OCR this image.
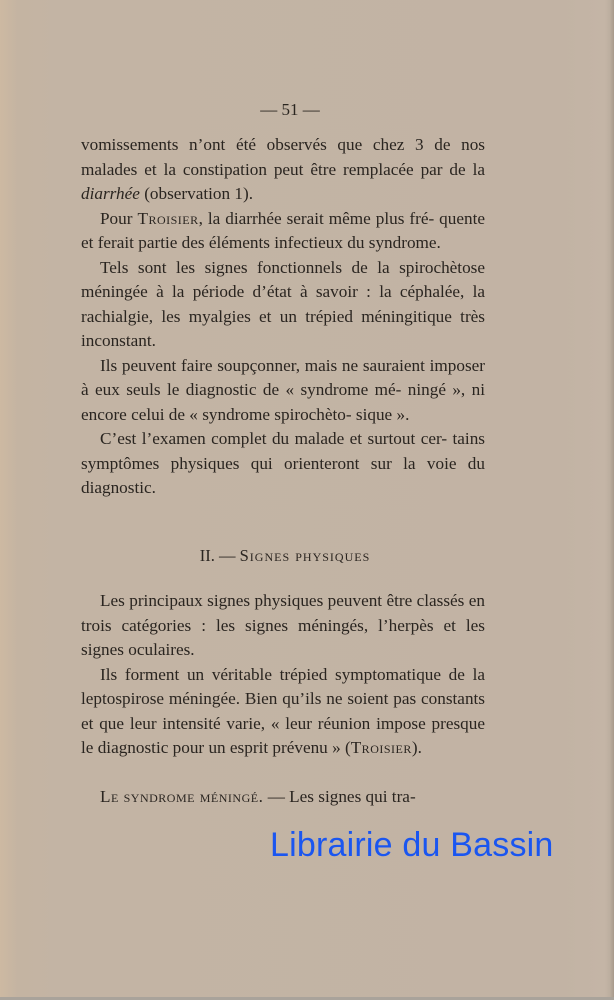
— 51 —

vomissements n’ont été observés que chez 3 de nos malades et la constipation peut être remplacée par de la diarrhée (observation 1).

Pour Troisier, la diarrhée serait même plus fré- quente et ferait partie des éléments infectieux du syndrome.

Tels sont les signes fonctionnels de la spirochètose méningée à la période d’état à savoir : la céphalée, la rachialgie, les myalgies et un trépied méningitique très inconstant.

Ils peuvent faire soupçonner, mais ne sauraient imposer à eux seuls le diagnostic de « syndrome mé- ningé », ni encore celui de « syndrome spirochèto- sique ».

C’est l’examen complet du malade et surtout cer- tains symptômes physiques qui orienteront sur la voie du diagnostic.

II. — Signes physiques

Les principaux signes physiques peuvent être classés en trois catégories : les signes méningés, l’herpès et les signes oculaires.

Ils forment un véritable trépied symptomatique de la leptospirose méningée. Bien qu’ils ne soient pas constants et que leur intensité varie, « leur réunion impose presque le diagnostic pour un esprit prévenu » (Troisier).

Le syndrome méningé. — Les signes qui tra-

Librairie du Bassin
